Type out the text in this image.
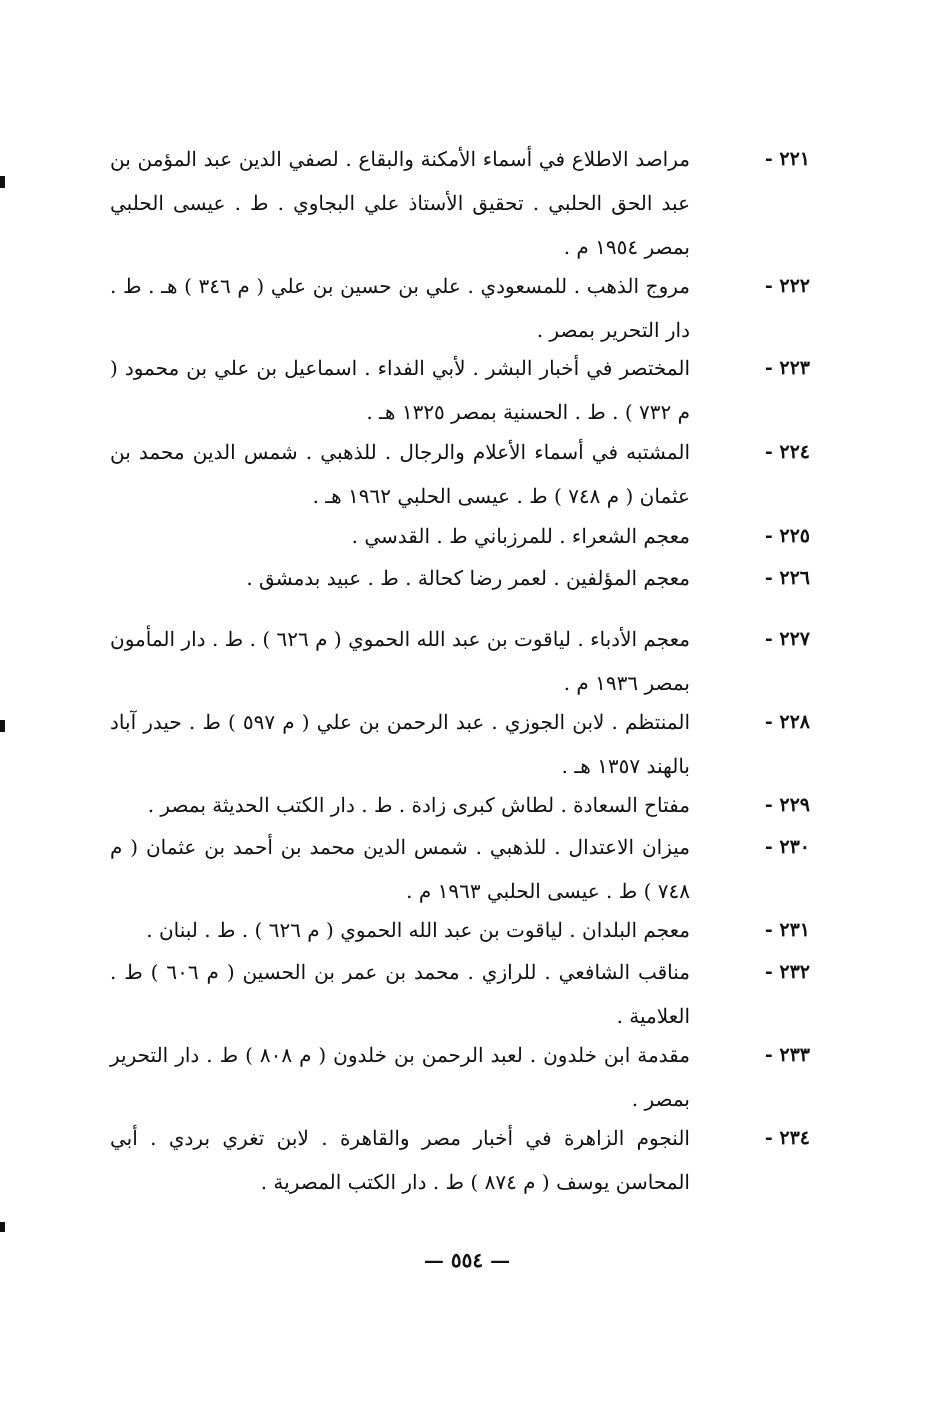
٢٢١ -
مراصد الاطلاع في أسماء الأمكنة والبقاع . لصفي الدين عبد المؤمن بن عبد الحق الحلبي . تحقيق الأستاذ علي البجاوي . ط . عيسى الحلبي بمصر ١٩٥٤ م .
٢٢٢ -
مروج الذهب . للمسعودي . علي بن حسين بن علي ( م ٣٤٦ ) هـ . ط . دار التحرير بمصر .
٢٢٣ -
المختصر في أخبار البشر . لأبي الفداء . اسماعيل بن علي بن محمود ( م ٧٣٢ ) . ط . الحسنية بمصر ١٣٢٥ هـ .
٢٢٤ -
المشتبه في أسماء الأعلام والرجال . للذهبي . شمس الدين محمد بن عثمان ( م ٧٤٨ ) ط . عيسى الحلبي ١٩٦٢ هـ .
٢٢٥ -
معجم الشعراء . للمرزباني ط . القدسي .
٢٢٦ -
معجم المؤلفين . لعمر رضا كحالة . ط . عبيد بدمشق .
٢٢٧ -
معجم الأدباء . لياقوت بن عبد الله الحموي ( م ٦٢٦ ) . ط . دار المأمون بمصر ١٩٣٦ م .
٢٢٨ -
المنتظم . لابن الجوزي . عبد الرحمن بن علي ( م ٥٩٧ ) ط . حيدر آباد بالهند ١٣٥٧ هـ .
٢٢٩ -
مفتاح السعادة . لطاش كبرى زادة . ط . دار الكتب الحديثة بمصر .
٢٣٠ -
ميزان الاعتدال . للذهبي . شمس الدين محمد بن أحمد بن عثمان ( م ٧٤٨ ) ط . عيسى الحلبي ١٩٦٣ م .
٢٣١ -
معجم البلدان . لياقوت بن عبد الله الحموي ( م ٦٢٦ ) . ط . لبنان .
٢٣٢ -
مناقب الشافعي . للرازي . محمد بن عمر بن الحسين ( م ٦٠٦ ) ط . العلامية .
٢٣٣ -
مقدمة ابن خلدون . لعبد الرحمن بن خلدون ( م ٨٠٨ ) ط . دار التحرير بمصر .
٢٣٤ -
النجوم الزاهرة في أخبار مصر والقاهرة . لابن تغري بردي . أبي المحاسن يوسف ( م ٨٧٤ ) ط . دار الكتب المصرية .
— ٥٥٤ —
